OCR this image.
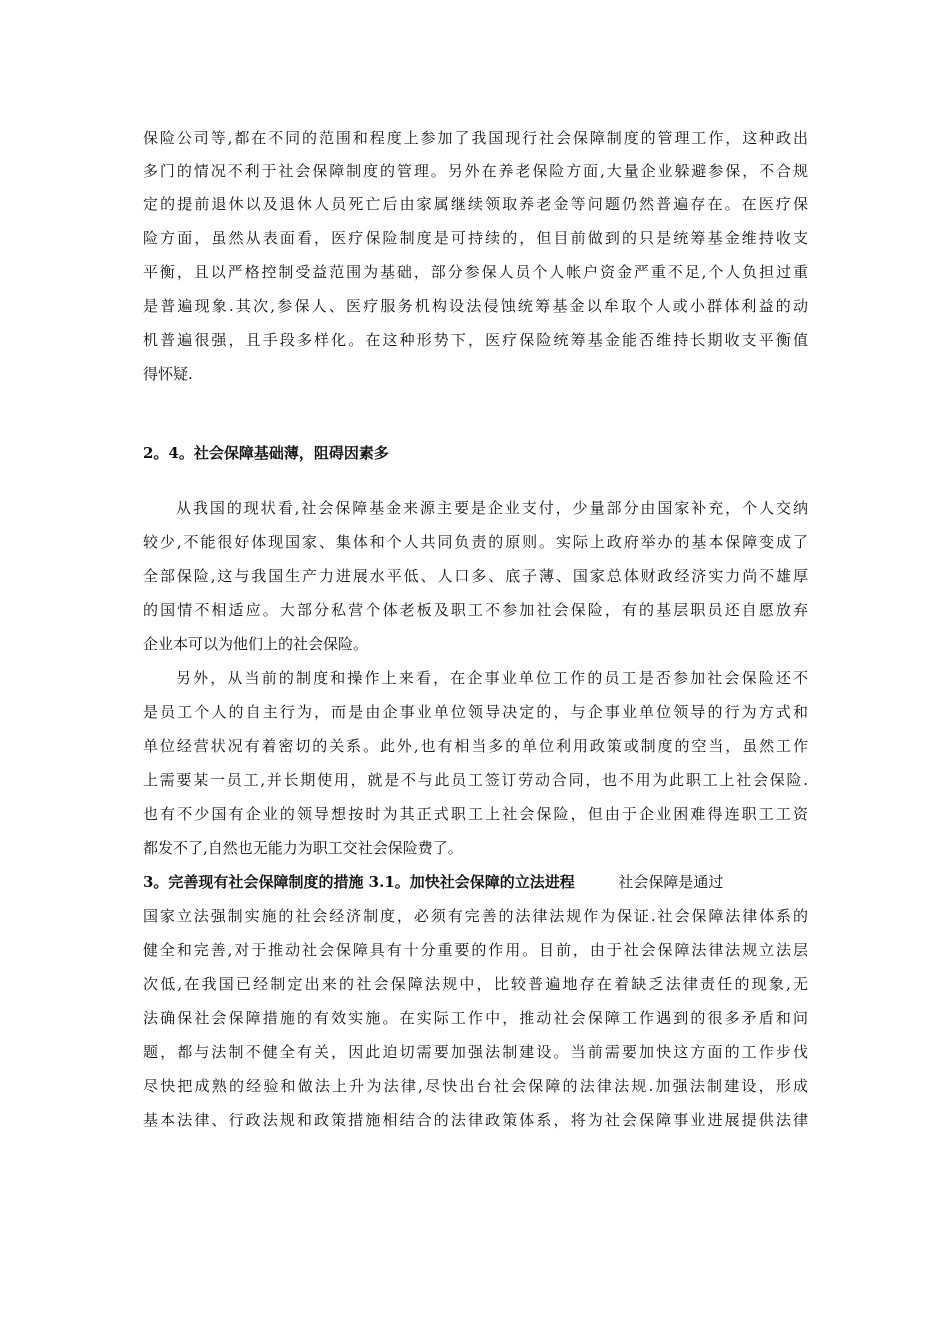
保险公司等,都在不同的范围和程度上参加了我国现行社会保障制度的管理工作，这种政出
多门的情况不利于社会保障制度的管理。另外在养老保险方面,大量企业躲避参保，不合规
定的提前退休以及退休人员死亡后由家属继续领取养老金等问题仍然普遍存在。在医疗保
险方面，虽然从表面看，医疗保险制度是可持续的，但目前做到的只是统筹基金维持收支
平衡，且以严格控制受益范围为基础，部分参保人员个人帐户资金严重不足,个人负担过重
是普遍现象.其次,参保人、医疗服务机构设法侵蚀统筹基金以牟取个人或小群体利益的动
机普遍很强，且手段多样化。在这种形势下，医疗保险统筹基金能否维持长期收支平衡值
得怀疑.
2。4。社会保障基础薄，阻碍因素多
从我国的现状看,社会保障基金来源主要是企业支付，少量部分由国家补充，个人交纳
较少,不能很好体现国家、集体和个人共同负责的原则。实际上政府举办的基本保障变成了
全部保险,这与我国生产力进展水平低、人口多、底子薄、国家总体财政经济实力尚不雄厚
的国情不相适应。大部分私营个体老板及职工不参加社会保险，有的基层职员还自愿放弃
企业本可以为他们上的社会保险。
另外，从当前的制度和操作上来看，在企事业单位工作的员工是否参加社会保险还不
是员工个人的自主行为，而是由企事业单位领导决定的，与企事业单位领导的行为方式和
单位经营状况有着密切的关系。此外,也有相当多的单位利用政策或制度的空当，虽然工作
上需要某一员工,并长期使用，就是不与此员工签订劳动合同，也不用为此职工上社会保险.
也有不少国有企业的领导想按时为其正式职工上社会保险，但由于企业困难得连职工工资
都发不了,自然也无能力为职工交社会保险费了。
3。完善现有社会保障制度的措施 3.1。加快社会保障的立法进程	社会保障是通过
国家立法强制实施的社会经济制度，必须有完善的法律法规作为保证.社会保障法律体系的
健全和完善,对于推动社会保障具有十分重要的作用。目前，由于社会保障法律法规立法层
次低,在我国已经制定出来的社会保障法规中，比较普遍地存在着缺乏法律责任的现象,无
法确保社会保障措施的有效实施。在实际工作中，推动社会保障工作遇到的很多矛盾和问
题，都与法制不健全有关，因此迫切需要加强法制建设。当前需要加快这方面的工作步伐
尽快把成熟的经验和做法上升为法律,尽快出台社会保障的法律法规.加强法制建设，形成
基本法律、行政法规和政策措施相结合的法律政策体系，将为社会保障事业进展提供法律
